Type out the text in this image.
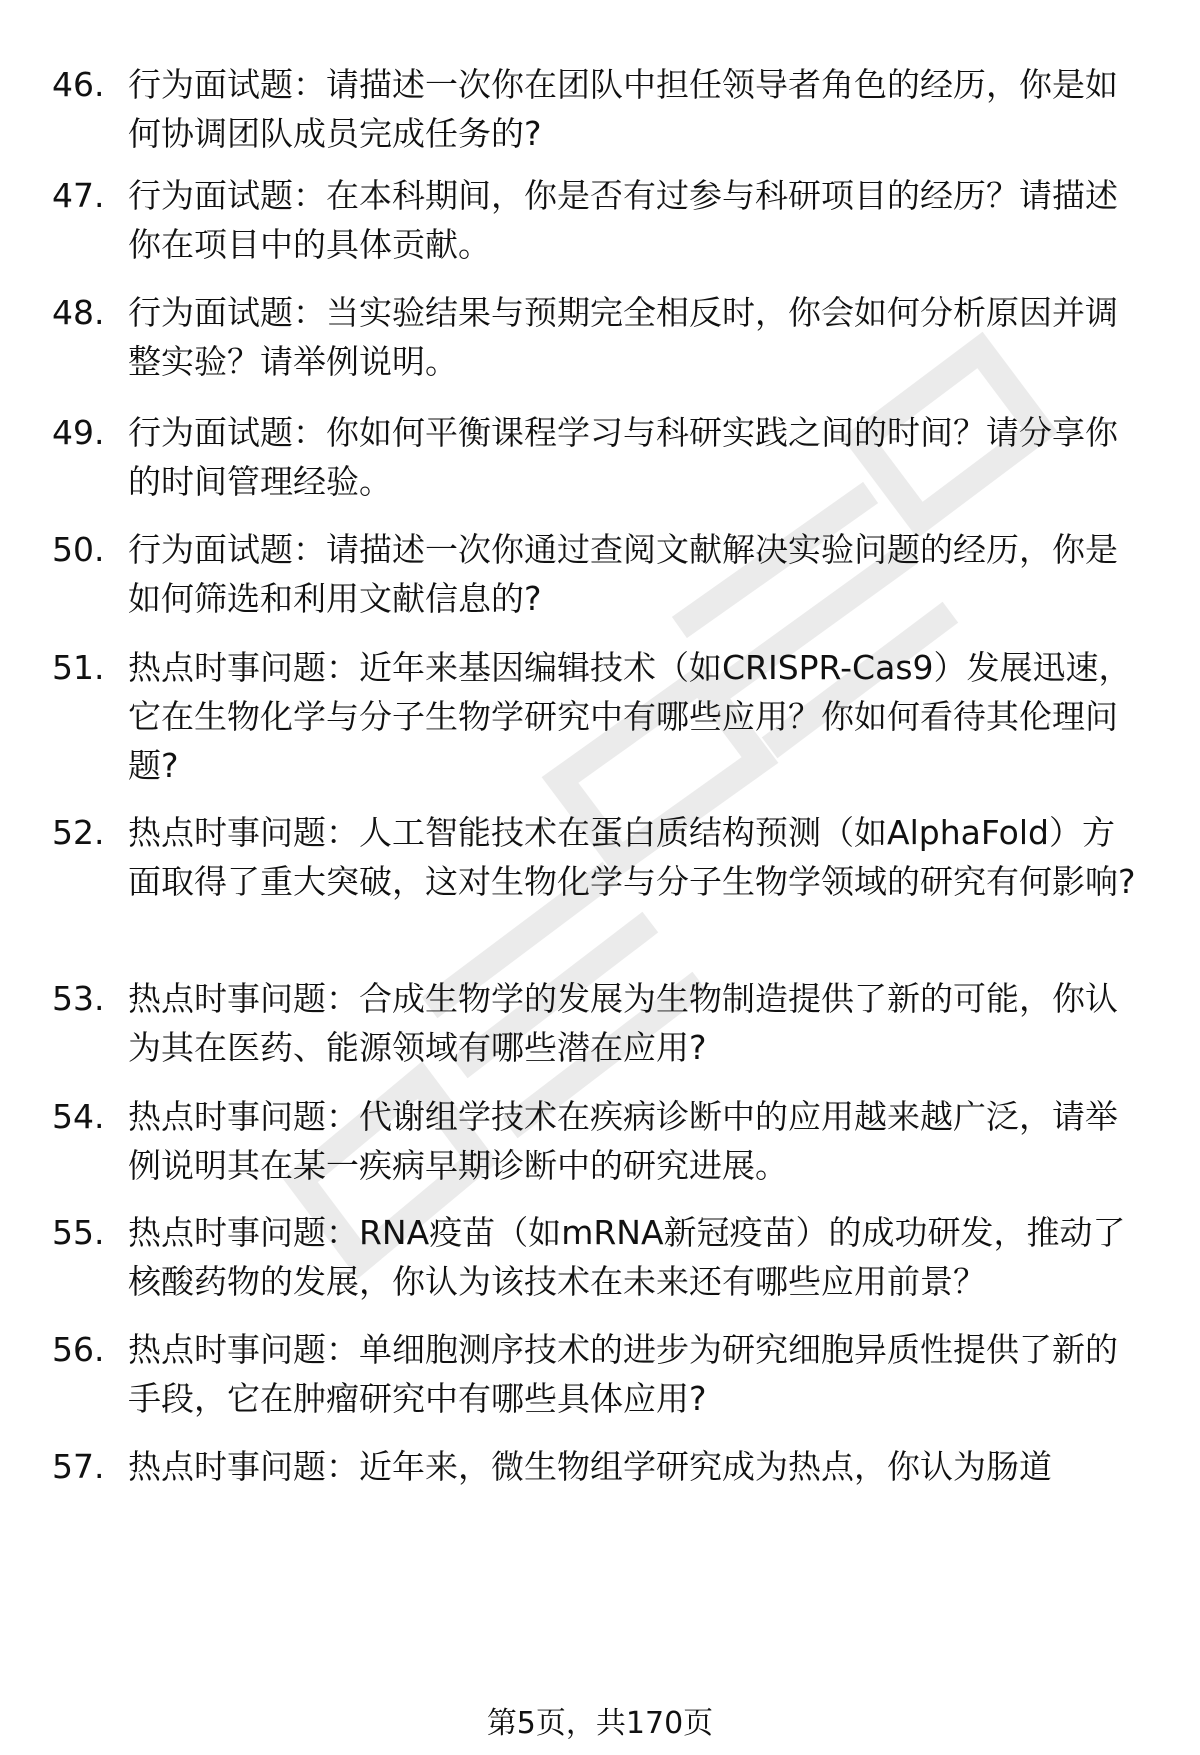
46. 行为面试题：请描述一次你在团队中担任领导者角色的经历，你是如何协调团队成员完成任务的?
47. 行为面试题：在本科期间，你是否有过参与科研项目的经历？请描述你在项目中的具体贡献。
48. 行为面试题：当实验结果与预期完全相反时，你会如何分析原因并调整实验？请举例说明。
49. 行为面试题：你如何平衡课程学习与科研实践之间的时间？请分享你的时间管理经验。
50. 行为面试题：请描述一次你通过查阅文献解决实验问题的经历，你是如何筛选和利用文献信息的?
51. 热点时事问题：近年来基因编辑技术（如CRISPR-Cas9）发展迅速，它在生物化学与分子生物学研究中有哪些应用？你如何看待其伦理问题?
52. 热点时事问题：人工智能技术在蛋白质结构预测（如AlphaFold）方面取得了重大突破，这对生物化学与分子生物学领域的研究有何影响?
53. 热点时事问题：合成生物学的发展为生物制造提供了新的可能，你认为其在医药、能源领域有哪些潜在应用?
54. 热点时事问题：代谢组学技术在疾病诊断中的应用越来越广泛，请举例说明其在某一疾病早期诊断中的研究进展。
55. 热点时事问题：RNA疫苗（如mRNA新冠疫苗）的成功研发，推动了核酸药物的发展，你认为该技术在未来还有哪些应用前景？
56. 热点时事问题：单细胞测序技术的进步为研究细胞异质性提供了新的手段，它在肿瘤研究中有哪些具体应用?
57. 热点时事问题：近年来，微生物组学研究成为热点，你认为肠道
第5页，共170页
